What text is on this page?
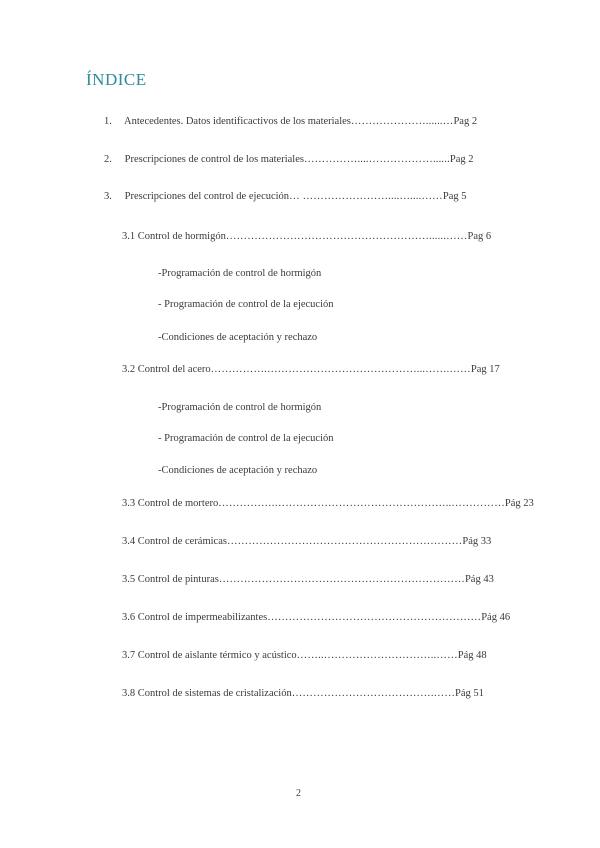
ÍNDICE
1. Antecedentes. Datos identificactivos de los materiales…………………......…Pag 2
2. Prescripciones de control de los materiales……………....………………......Pag 2
3. Prescripciones del control de ejecución… ……………………....…....……Pag 5
3.1 Control de hormigón…………………………………………………......……Pag 6
-Programación de control de hormigón
- Programación de control de la ejecución
-Condiciones de aceptación y rechazo
3.2 Control del acero…………….……………………………………...…….……Pag 17
-Programación de control de hormigón
- Programación de control de la ejecución
-Condiciones de aceptación y rechazo
3.3 Control de mortero…………….…………………………………………..……………Pág 23
3.4 Control de cerámicas…………………………………………………………Pág 33
3.5 Control de pinturas……………………………………………………………Pág 43
3.6 Control de impermeabilizantes……………………………………………………Pág 46
3.7 Control de aislante térmico y acústico……..…………………………..……Pág 48
3.8 Control de sistemas de cristalización………………………………….……Pág 51
2
